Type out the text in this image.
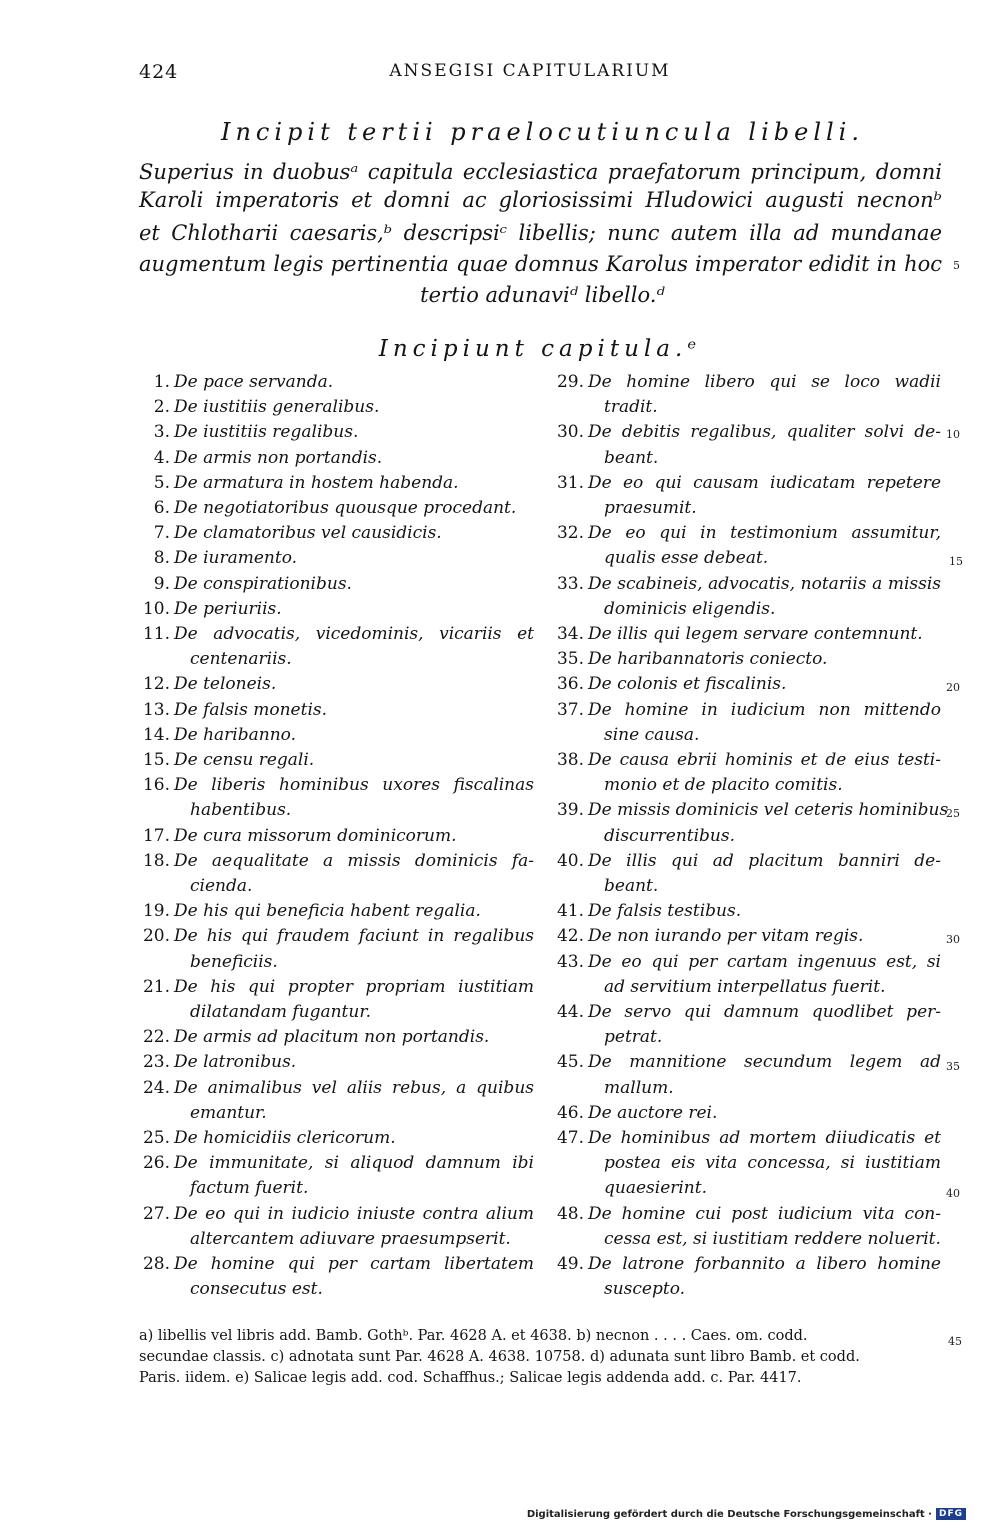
424	ANSEGISI CAPITULARIUM
Incipit tertii praelocutiuncula libelli.
Superius in duobusᵃ capitula ecclesiastica praefatorum principum, domni
Karoli imperatoris et domni ac gloriosissimi Hludowici augusti necnonᵇ
et Chlotharii caesaris,ᵇ descripsiᶜ libellis; nunc autem illa ad mundanae
augmentum legis pertinentia quae domnus Karolus imperator edidit in hoc
tertio adunaviᵈ libello.ᵈ
Incipiunt capitula.ᵉ
1. De pace servanda.
2. De iustitiis generalibus.
3. De iustitiis regalibus.
4. De armis non portandis.
5. De armatura in hostem habenda.
6. De negotiatoribus quousque procedant.
7. De clamatoribus vel causidicis.
8. De iuramento.
9. De conspirationibus.
10. De periuriis.
11. De advocatis, vicedominis, vicariis et
centenariis.
12. De teloneis.
13. De falsis monetis.
14. De haribanno.
15. De censu regali.
16. De liberis hominibus uxores fiscalinas
habentibus.
17. De cura missorum dominicorum.
18. De aequalitate a missis dominicis fa-
cienda.
19. De his qui beneficia habent regalia.
20. De his qui fraudem faciunt in regalibus
beneficiis.
21. De his qui propter propriam iustitiam
dilatandam fugantur.
22. De armis ad placitum non portandis.
23. De latronibus.
24. De animalibus vel aliis rebus, a quibus
emantur.
25. De homicidiis clericorum.
26. De immunitate, si aliquod damnum ibi
factum fuerit.
27. De eo qui in iudicio iniuste contra alium
altercantem adiuvare praesumpserit.
28. De homine qui per cartam libertatem
consecutus est.
29. De homine libero qui se loco wadii
tradit.
30. De debitis regalibus, qualiter solvi de-
beant.
31. De eo qui causam iudicatam repetere
praesumit.
32. De eo qui in testimonium assumitur,
qualis esse debeat.
33. De scabineis, advocatis, notariis a missis
dominicis eligendis.
34. De illis qui legem servare contemnunt.
35. De haribannatoris coniecto.
36. De colonis et fiscalinis.
37. De homine in iudicium non mittendo
sine causa.
38. De causa ebrii hominis et de eius testi-
monio et de placito comitis.
39. De missis dominicis vel ceteris hominibus
discurrentibus.
40. De illis qui ad placitum banniri de-
beant.
41. De falsis testibus.
42. De non iurando per vitam regis.
43. De eo qui per cartam ingenuus est, si
ad servitium interpellatus fuerit.
44. De servo qui damnum quodlibet per-
petrat.
45. De mannitione secundum legem ad
mallum.
46. De auctore rei.
47. De hominibus ad mortem diiudicatis et
postea eis vita concessa, si iustitiam
quaesierint.
48. De homine cui post iudicium vita con-
cessa est, si iustitiam reddere noluerit.
49. De latrone forbannito a libero homine
suscepto.
5
10
15
20
25
30
35
40
45
a) libellis vel libris add. Bamb. Gothᵇ. Par. 4628 A. et 4638. b) necnon . . . . Caes. om. codd.
secundae classis. c) adnotata sunt Par. 4628 A. 4638. 10758. d) adunata sunt libro Bamb. et codd.
Paris. iidem. e) Salicae legis add. cod. Schaffhus.; Salicae legis addenda add. c. Par. 4417.
Digitalisierung gefördert durch die Deutsche Forschungsgemeinschaft · DFG
